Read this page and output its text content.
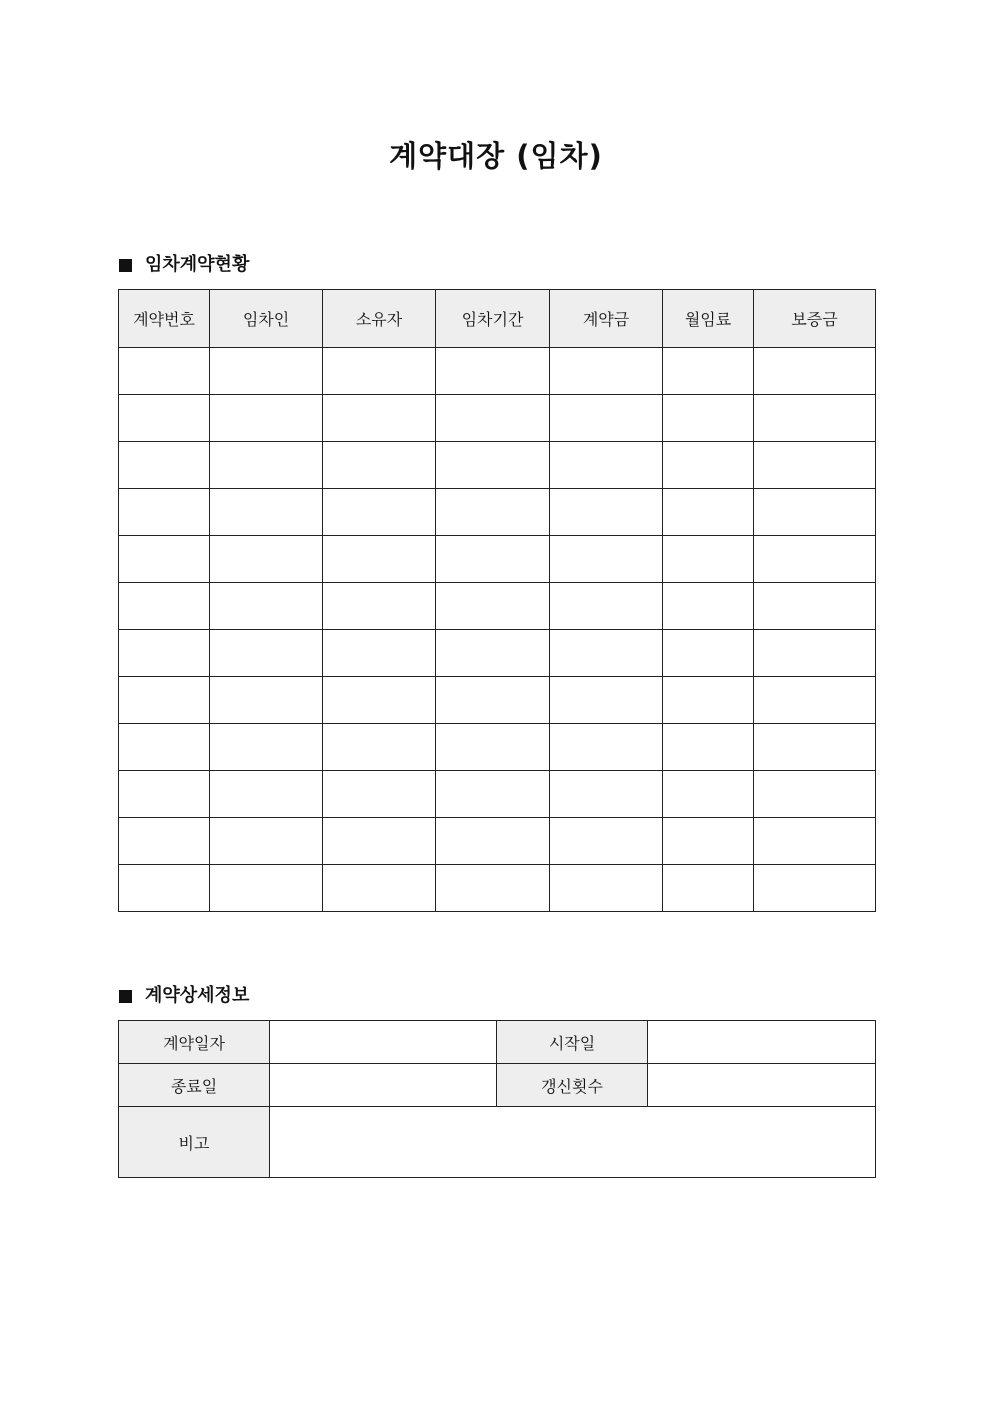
계약대장 (임차)
임차계약현황
계약번호	임차인	소유자	임차기간	계약금	월임료	보증금

계약상세정보
계약일자		시작일	
종료일		갱신횟수	
비고			
